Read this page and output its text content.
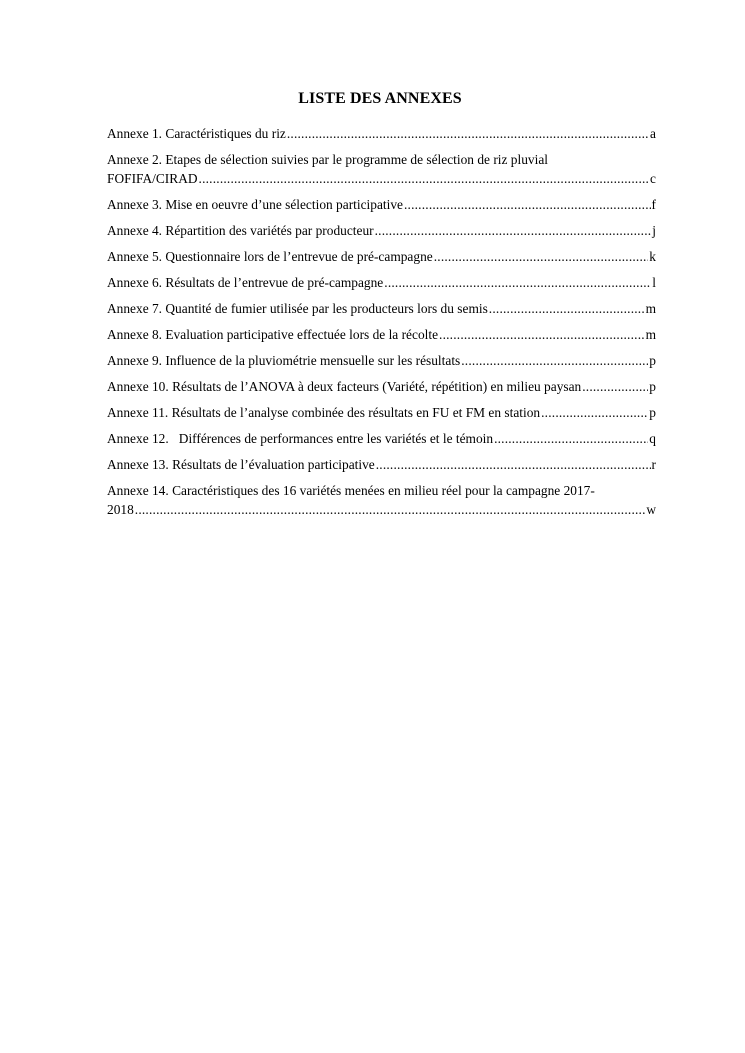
LISTE DES ANNEXES
Annexe 1. Caractéristiques du riz .....	a
Annexe 2. Etapes de sélection suivies par le programme de sélection de riz pluvial
FOFIFA/CIRAD .....	c
Annexe 3. Mise en oeuvre d’une sélection participative .....	f
Annexe 4. Répartition des variétés par producteur .....	j
Annexe 5. Questionnaire lors de l’entrevue de pré-campagne .....	k
Annexe 6. Résultats de l’entrevue de pré-campagne .....	l
Annexe 7. Quantité de fumier utilisée par les producteurs lors du semis .....	m
Annexe 8. Evaluation participative effectuée lors de la récolte .....	m
Annexe 9. Influence de la pluviométrie mensuelle sur les résultats .....	p
Annexe 10. Résultats de l’ANOVA à deux facteurs (Variété, répétition) en milieu paysan .....	p
Annexe 11. Résultats de l’analyse combinée des résultats en FU et FM en station .....	p
Annexe 12.   Différences de performances entre les variétés et le témoin .....	q
Annexe 13. Résultats de l’évaluation participative .....	r
Annexe 14. Caractéristiques des 16 variétés menées en milieu réel pour la campagne 2017-
2018 .....	w
